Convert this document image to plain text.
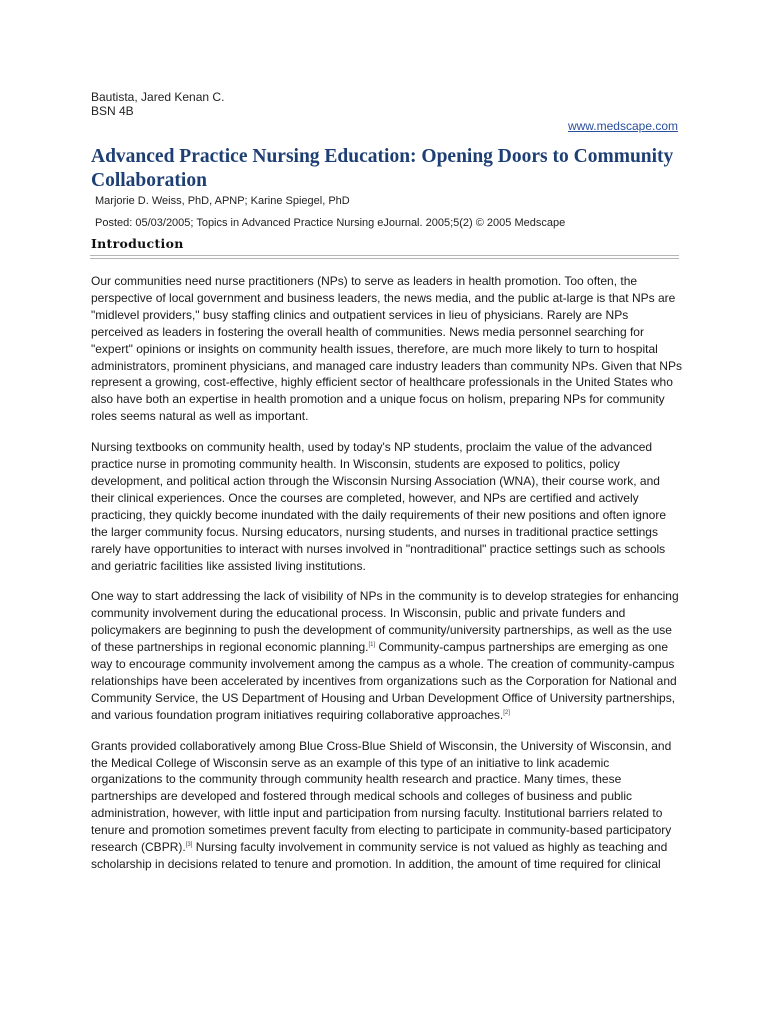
Bautista, Jared Kenan C.
BSN 4B
www.medscape.com
Advanced Practice Nursing Education: Opening Doors to Community Collaboration
Marjorie D. Weiss, PhD, APNP; Karine Spiegel, PhD
Posted: 05/03/2005; Topics in Advanced Practice Nursing eJournal. 2005;5(2) © 2005 Medscape
Introduction

Our communities need nurse practitioners (NPs) to serve as leaders in health promotion. Too often, the
perspective of local government and business leaders, the news media, and the public at-large is that NPs are
"midlevel providers," busy staffing clinics and outpatient services in lieu of physicians. Rarely are NPs
perceived as leaders in fostering the overall health of communities. News media personnel searching for
"expert" opinions or insights on community health issues, therefore, are much more likely to turn to hospital
administrators, prominent physicians, and managed care industry leaders than community NPs. Given that NPs
represent a growing, cost-effective, highly efficient sector of healthcare professionals in the United States who
also have both an expertise in health promotion and a unique focus on holism, preparing NPs for community
roles seems natural as well as important.

Nursing textbooks on community health, used by today's NP students, proclaim the value of the advanced
practice nurse in promoting community health. In Wisconsin, students are exposed to politics, policy
development, and political action through the Wisconsin Nursing Association (WNA), their course work, and
their clinical experiences. Once the courses are completed, however, and NPs are certified and actively
practicing, they quickly become inundated with the daily requirements of their new positions and often ignore
the larger community focus. Nursing educators, nursing students, and nurses in traditional practice settings
rarely have opportunities to interact with nurses involved in "nontraditional" practice settings such as schools
and geriatric facilities like assisted living institutions.

One way to start addressing the lack of visibility of NPs in the community is to develop strategies for enhancing
community involvement during the educational process. In Wisconsin, public and private funders and
policymakers are beginning to push the development of community/university partnerships, as well as the use
of these partnerships in regional economic planning.[1] Community-campus partnerships are emerging as one
way to encourage community involvement among the campus as a whole. The creation of community-campus
relationships have been accelerated by incentives from organizations such as the Corporation for National and
Community Service, the US Department of Housing and Urban Development Office of University partnerships,
and various foundation program initiatives requiring collaborative approaches.[2]

Grants provided collaboratively among Blue Cross-Blue Shield of Wisconsin, the University of Wisconsin, and
the Medical College of Wisconsin serve as an example of this type of an initiative to link academic
organizations to the community through community health research and practice. Many times, these
partnerships are developed and fostered through medical schools and colleges of business and public
administration, however, with little input and participation from nursing faculty. Institutional barriers related to
tenure and promotion sometimes prevent faculty from electing to participate in community-based participatory
research (CBPR).[3] Nursing faculty involvement in community service is not valued as highly as teaching and
scholarship in decisions related to tenure and promotion. In addition, the amount of time required for clinical
